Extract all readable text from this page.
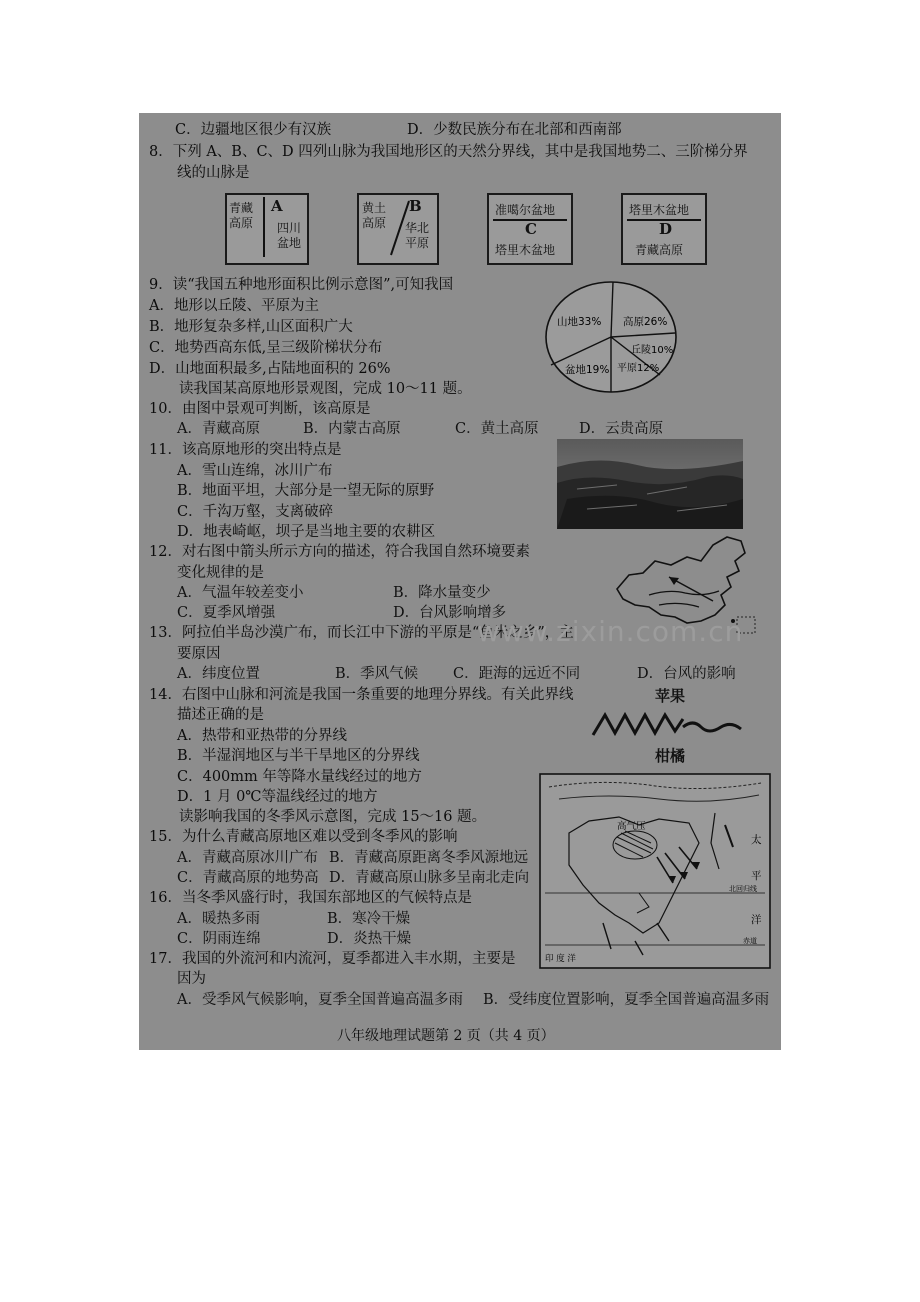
C．边疆地区很少有汉族	D．少数民族分布在北部和西南部
8．下列 A、B、C、D 四列山脉为我国地形区的天然分界线，其中是我国地势二、三阶梯分界
线的山脉是
青藏
高原
A
四川
盆地
黄土
高原
B
华北
平原
准噶尔盆地
C
塔里木盆地
塔里木盆地
D
青藏高原
9．读“我国五种地形面积比例示意图”,可知我国
A．地形以丘陵、平原为主
B．地形复杂多样,山区面积广大
C．地势西高东低,呈三级阶梯状分布
D．山地面积最多,占陆地面积的 26%
读我国某高原地形景观图，完成 10～11 题。
山地33% 高原26%
丘陵10%
平原12%
盆地19%
10．由图中景观可判断，该高原是
A．青藏高原	B．内蒙古高原	C．黄土高原	D．云贵高原
11．该高原地形的突出特点是
A．雪山连绵，冰川广布
B．地面平坦，大部分是一望无际的原野
C．千沟万壑，支离破碎
D．地表崎岖，坝子是当地主要的农耕区
12．对右图中箭头所示方向的描述，符合我国自然环境要素
变化规律的是
A．气温年较差变小	B．降水量变少
C．夏季风增强	D．台风影响增多
13．阿拉伯半岛沙漠广布，而长江中下游的平原是“鱼米之乡”，主
要原因
A．纬度位置	B．季风气候 C．距海的远近不同	D．台风的影响
www.zixin.com.cn
14．右图中山脉和河流是我国一条重要的地理分界线。有关此界线
描述正确的是
A．热带和亚热带的分界线
B．半湿润地区与半干旱地区的分界线
C．400mm 年等降水量线经过的地方
D．1 月 0℃等温线经过的地方
苹果
柑橘
读影响我国的冬季风示意图，完成 15～16 题。
15．为什么青藏高原地区难以受到冬季风的影响
A．青藏高原冰川广布 B．青藏高原距离冬季风源地远
C．青藏高原的地势高 D．青藏高原山脉多呈南北走向
16．当冬季风盛行时，我国东部地区的气候特点是
A．暖热多雨	B．寒冷干燥
C．阴雨连绵	D．炎热干燥
高气压
太
平
洋
北回归线
赤道
印 度 洋
17．我国的外流河和内流河，夏季都进入丰水期，主要是
因为
A．受季风气候影响，夏季全国普遍高温多雨 B．受纬度位置影响，夏季全国普遍高温多雨
八年级地理试题第 2 页（共 4 页）
